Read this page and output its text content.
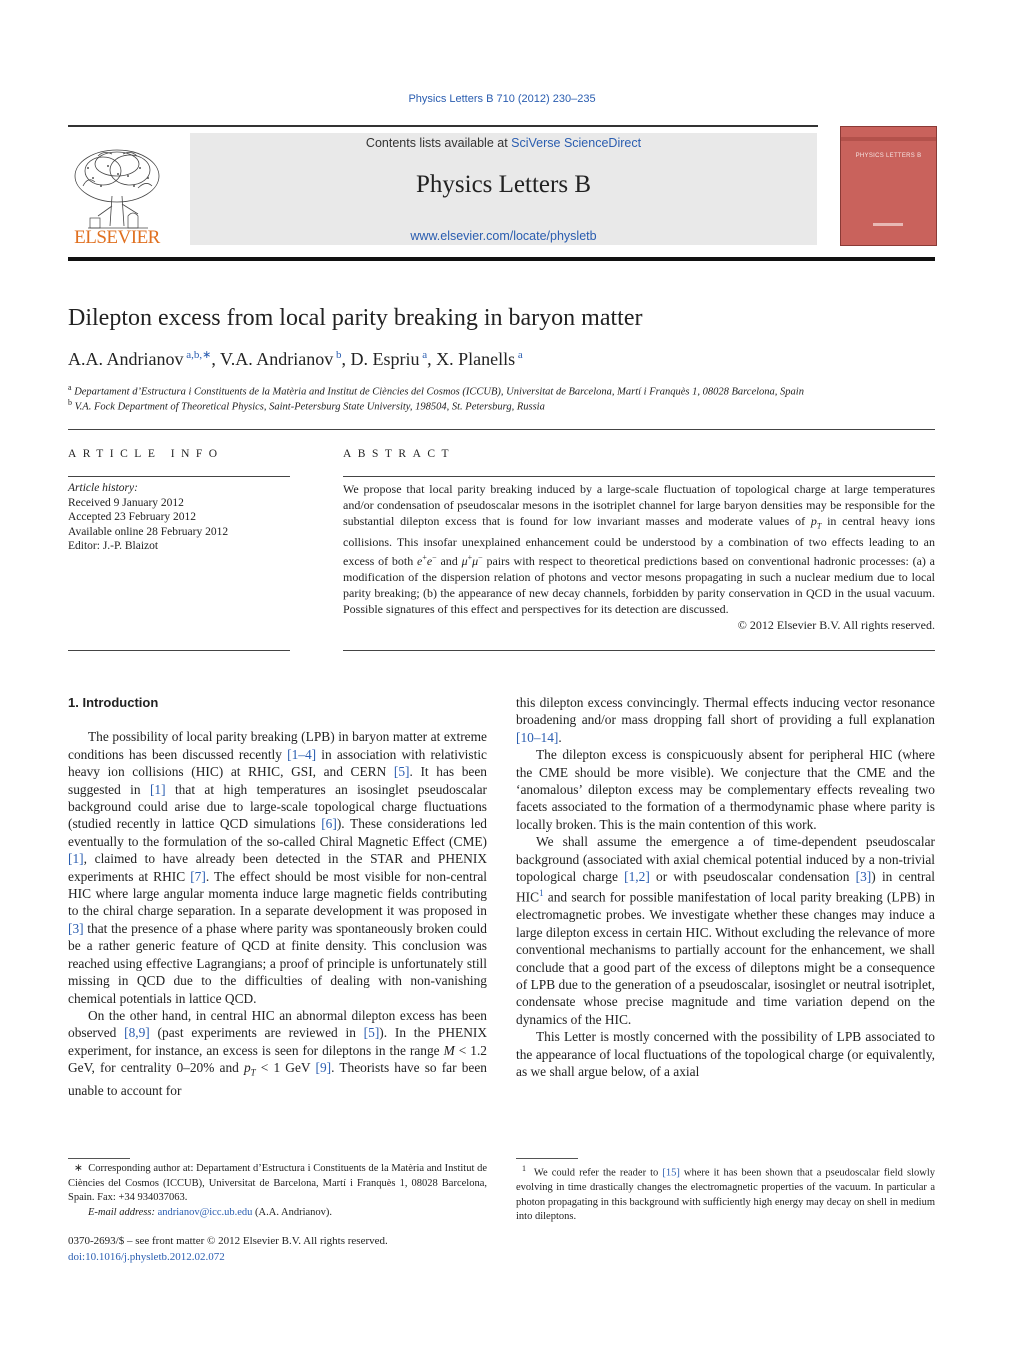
Physics Letters B 710 (2012) 230–235
ELSEVIER
Contents lists available at SciVerse ScienceDirect
Physics Letters B
www.elsevier.com/locate/physletb
PHYSICS LETTERS B
Dilepton excess from local parity breaking in baryon matter
A.A. Andrianov $^{a,b,∗}$, V.A. Andrianov $^b$, D. Espriu $^a$, X. Planells $^a$
$^a$ Departament d’Estructura i Constituents de la Matèria and Institut de Ciències del Cosmos (ICCUB), Universitat de Barcelona, Martí i Franquès 1, 08028 Barcelona, Spain
$^b$ V.A. Fock Department of Theoretical Physics, Saint-Petersburg State University, 198504, St. Petersburg, Russia
ARTICLE INFO
Article history:
Received 9 January 2012
Accepted 23 February 2012
Available online 28 February 2012
Editor: J.-P. Blaizot
ABSTRACT
We propose that local parity breaking induced by a large-scale fluctuation of topological charge at large temperatures and/or condensation of pseudoscalar mesons in the isotriplet channel for large baryon densities may be responsible for the substantial dilepton excess that is found for low invariant masses and moderate values of $p_T$ in central heavy ions collisions. This insofar unexplained enhancement could be understood by a combination of two effects leading to an excess of both e+e− and μ+μ− pairs with respect to theoretical predictions based on conventional hadronic processes: (a) a modification of the dispersion relation of photons and vector mesons propagating in such a nuclear medium due to local parity breaking; (b) the appearance of new decay channels, forbidden by parity conservation in QCD in the usual vacuum. Possible signatures of this effect and perspectives for its detection are discussed.
© 2012 Elsevier B.V. All rights reserved.
1. Introduction

The possibility of local parity breaking (LPB) in baryon matter at extreme conditions has been discussed recently [1–4] in association with relativistic heavy ion collisions (HIC) at RHIC, GSI, and CERN [5]. It has been suggested in [1] that at high temperatures an isosinglet pseudoscalar background could arise due to large-scale topological charge fluctuations (studied recently in lattice QCD simulations [6]). These considerations led eventually to the formulation of the so-called Chiral Magnetic Effect (CME) [1], claimed to have already been detected in the STAR and PHENIX experiments at RHIC [7]. The effect should be most visible for non-central HIC where large angular momenta induce large magnetic fields contributing to the chiral charge separation. In a separate development it was proposed in [3] that the presence of a phase where parity was spontaneously broken could be a rather generic feature of QCD at finite density. This conclusion was reached using effective Lagrangians; a proof of principle is unfortunately still missing in QCD due to the difficulties of dealing with non-vanishing chemical potentials in lattice QCD.

On the other hand, in central HIC an abnormal dilepton excess has been observed [8,9] (past experiments are reviewed in [5]). In the PHENIX experiment, for instance, an excess is seen for dileptons in the range M < 1.2 GeV, for centrality 0–20% and $p_T < 1$ GeV [9]. Theorists have so far been unable to account for

this dilepton excess convincingly. Thermal effects inducing vector resonance broadening and/or mass dropping fall short of providing a full explanation [10–14].

The dilepton excess is conspicuously absent for peripheral HIC (where the CME should be more visible). We conjecture that the CME and the ‘anomalous’ dilepton excess may be complementary effects revealing two facets associated to the formation of a thermodynamic phase where parity is locally broken. This is the main contention of this work.

We shall assume the emergence a of time-dependent pseudoscalar background (associated with axial chemical potential induced by a non-trivial topological charge [1,2] or with pseudoscalar condensation [3]) in central HIC$^1$ and search for possible manifestation of local parity breaking (LPB) in electromagnetic probes. We investigate whether these changes may induce a large dilepton excess in certain HIC. Without excluding the relevance of more conventional mechanisms to partially account for the enhancement, we shall conclude that a good part of the excess of dileptons might be a consequence of LPB due to the generation of a pseudoscalar, isosinglet or neutral isotriplet, condensate whose precise magnitude and time variation depend on the dynamics of the HIC.

This Letter is mostly concerned with the possibility of LPB associated to the appearance of local fluctuations of the topological charge (or equivalently, as we shall argue below, of a axial

∗ Corresponding author at: Departament d’Estructura i Constituents de la Matèria and Institut de Ciències del Cosmos (ICCUB), Universitat de Barcelona, Martí i Franquès 1, 08028 Barcelona, Spain. Fax: +34 934037063.
E-mail address: andrianov@icc.ub.edu (A.A. Andrianov).
$^1$ We could refer the reader to [15] where it has been shown that a pseudoscalar field slowly evolving in time drastically changes the electromagnetic properties of the vacuum. In particular a photon propagating in this background with sufficiently high energy may decay on shell in medium into dileptons.
0370-2693/$ – see front matter © 2012 Elsevier B.V. All rights reserved.
doi:10.1016/j.physletb.2012.02.072
